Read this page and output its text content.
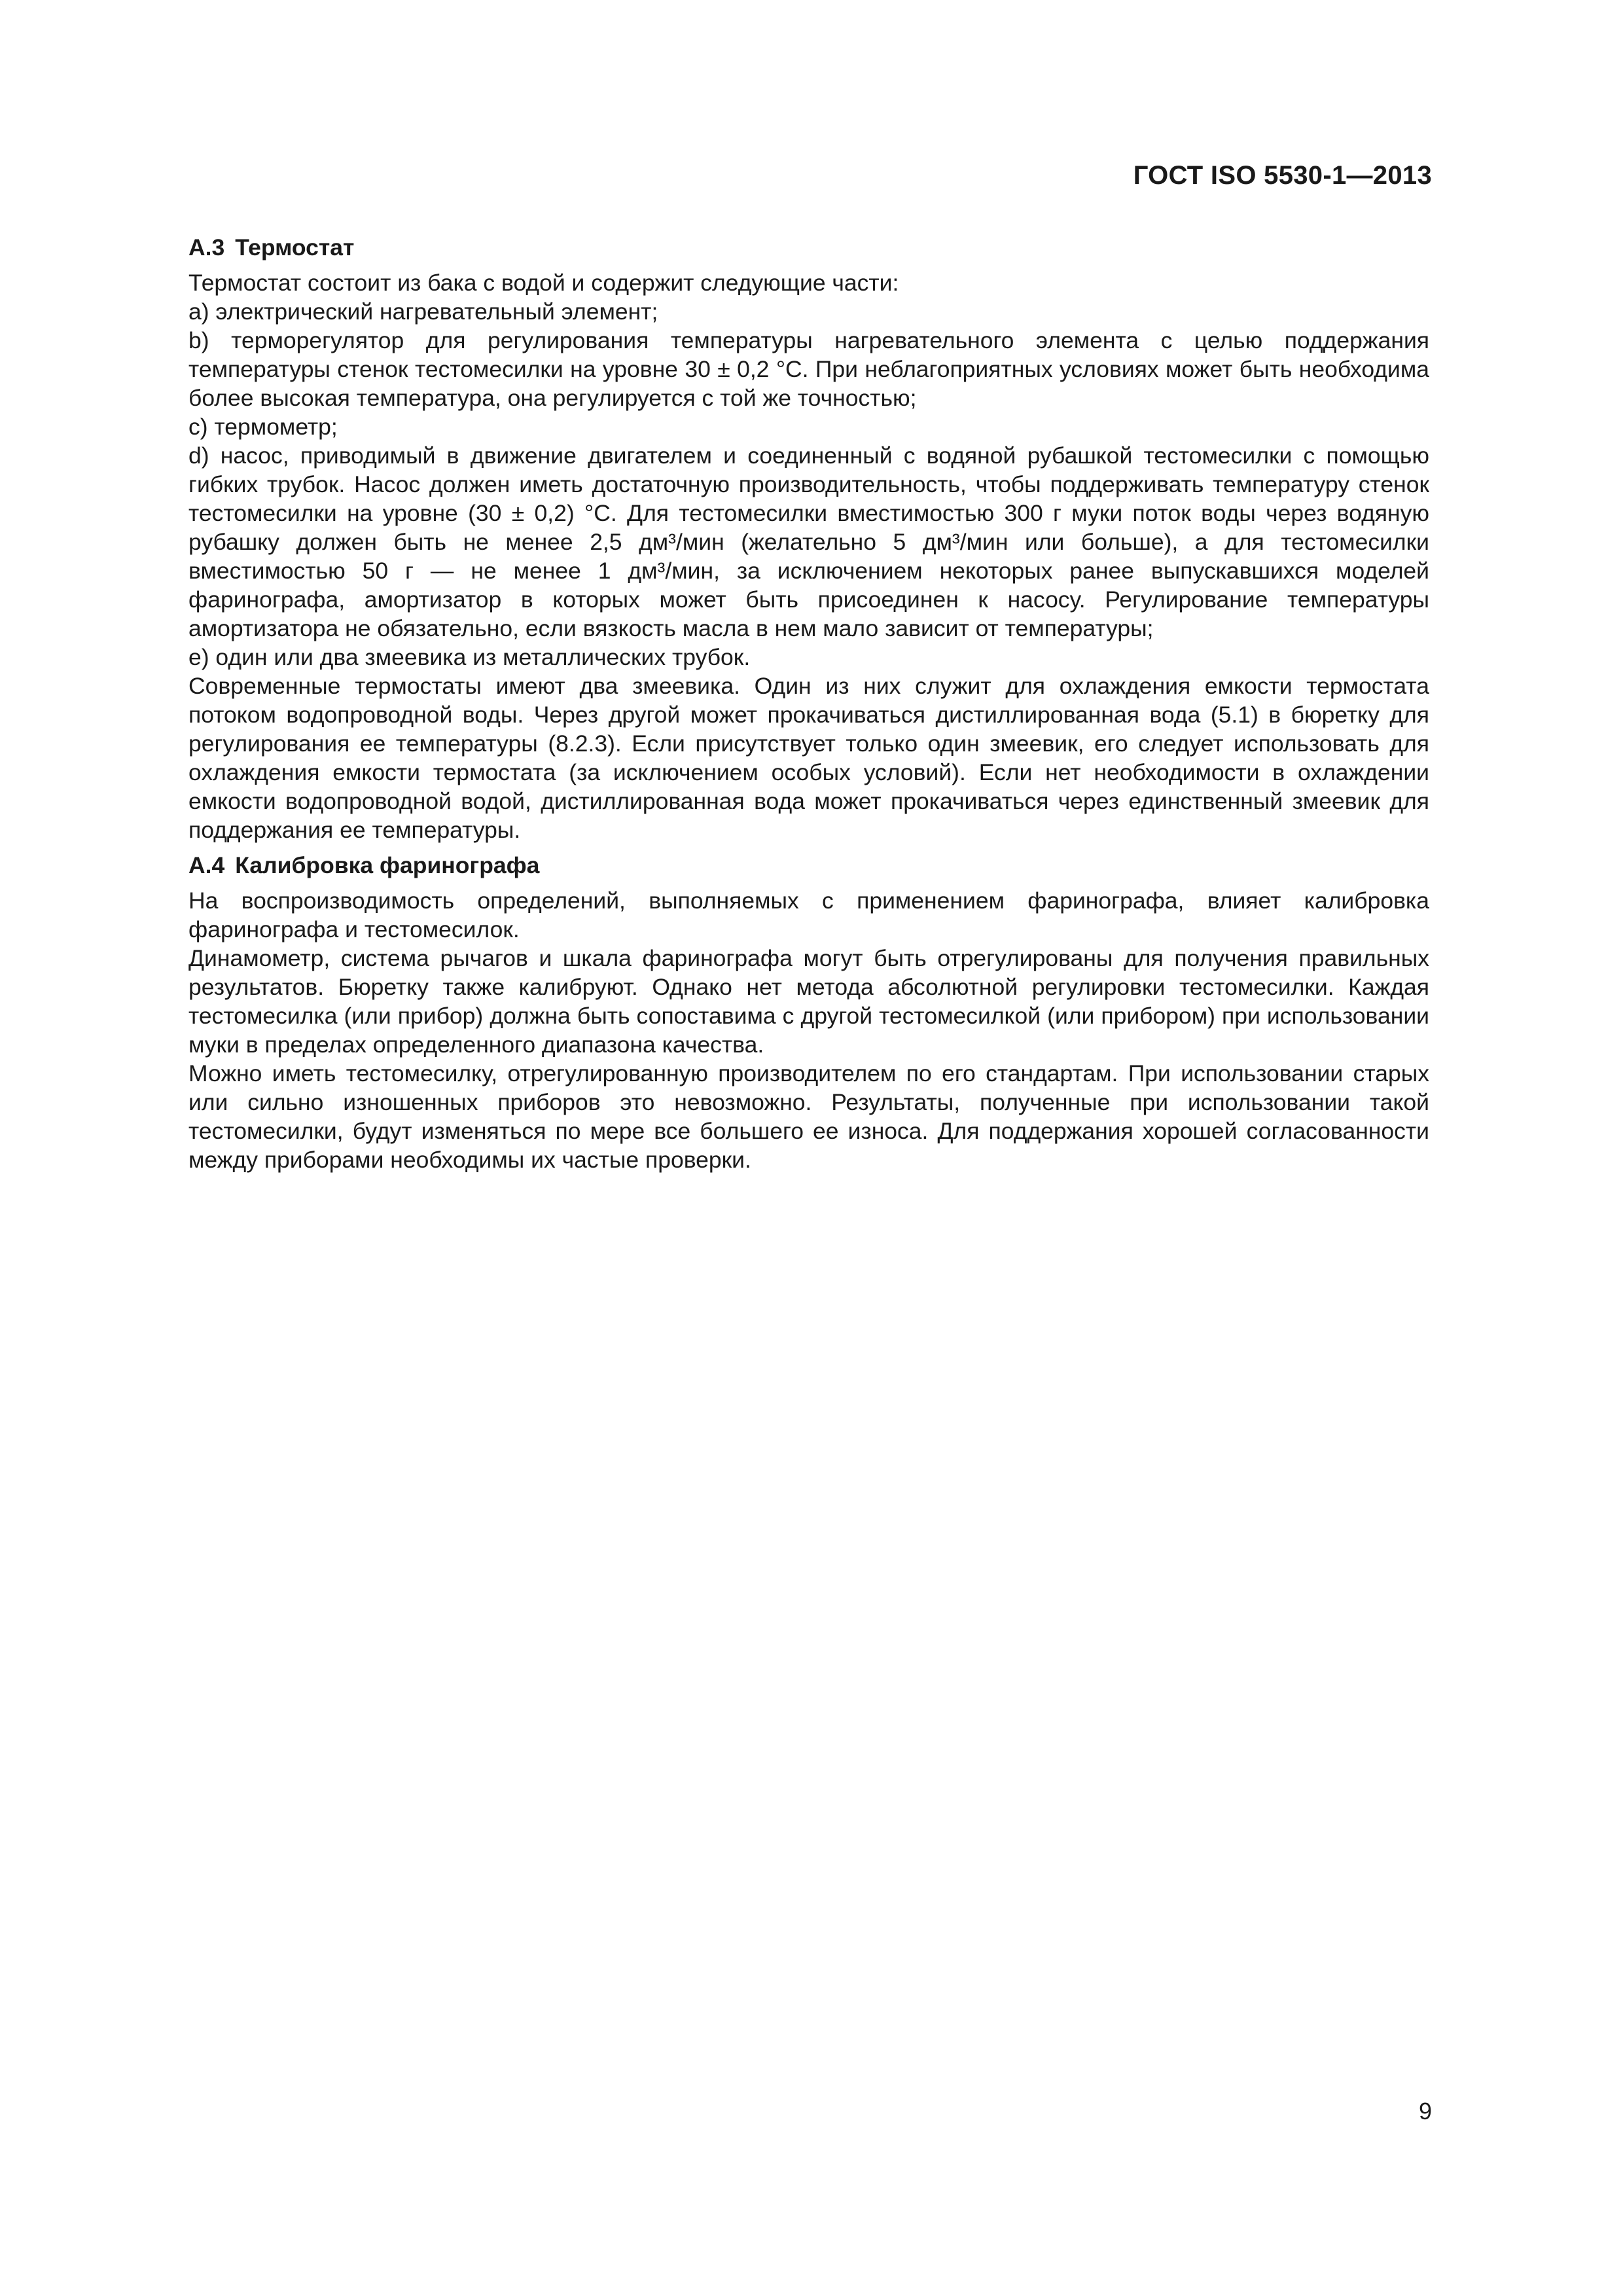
ГОСТ ISO 5530-1—2013
А.3 Термостат

Термостат состоит из бака с водой и содержит следующие части:

a) электрический нагревательный элемент;

b) терморегулятор для регулирования температуры нагревательного элемента с целью поддержания температуры стенок тестомесилки на уровне 30 ± 0,2 °С. При неблагоприятных условиях может быть необходима более высокая температура, она регулируется с той же точностью;

c) термометр;

d) насос, приводимый в движение двигателем и соединенный с водяной рубашкой тестомесилки с помощью гибких трубок. Насос должен иметь достаточную производительность, чтобы поддерживать температуру стенок тестомесилки на уровне (30 ± 0,2) °С. Для тестомесилки вместимостью 300 г муки поток воды через водяную рубашку должен быть не менее 2,5 дм³/мин (желательно 5 дм³/мин или больше), а для тестомесилки вместимостью 50 г — не менее 1 дм³/мин, за исключением некоторых ранее выпускавшихся моделей фаринографа, амортизатор в которых может быть присоединен к насосу. Регулирование температуры амортизатора не обязательно, если вязкость масла в нем мало зависит от температуры;

e) один или два змеевика из металлических трубок.

Современные термостаты имеют два змеевика. Один из них служит для охлаждения емкости термостата потоком водопроводной воды. Через другой может прокачиваться дистиллированная вода (5.1) в бюретку для регулирования ее температуры (8.2.3). Если присутствует только один змеевик, его следует использовать для охлаждения емкости термостата (за исключением особых условий). Если нет необходимости в охлаждении емкости водопроводной водой, дистиллированная вода может прокачиваться через единственный змеевик для поддержания ее температуры.

А.4 Калибровка фаринографа

На воспроизводимость определений, выполняемых с применением фаринографа, влияет калибровка фаринографа и тестомесилок.

Динамометр, система рычагов и шкала фаринографа могут быть отрегулированы для получения правильных результатов. Бюретку также калибруют. Однако нет метода абсолютной регулировки тестомесилки. Каждая тестомесилка (или прибор) должна быть сопоставима с другой тестомесилкой (или прибором) при использовании муки в пределах определенного диапазона качества.

Можно иметь тестомесилку, отрегулированную производителем по его стандартам. При использовании старых или сильно изношенных приборов это невозможно. Результаты, полученные при использовании такой тестомесилки, будут изменяться по мере все большего ее износа. Для поддержания хорошей согласованности между приборами необходимы их частые проверки.

9
